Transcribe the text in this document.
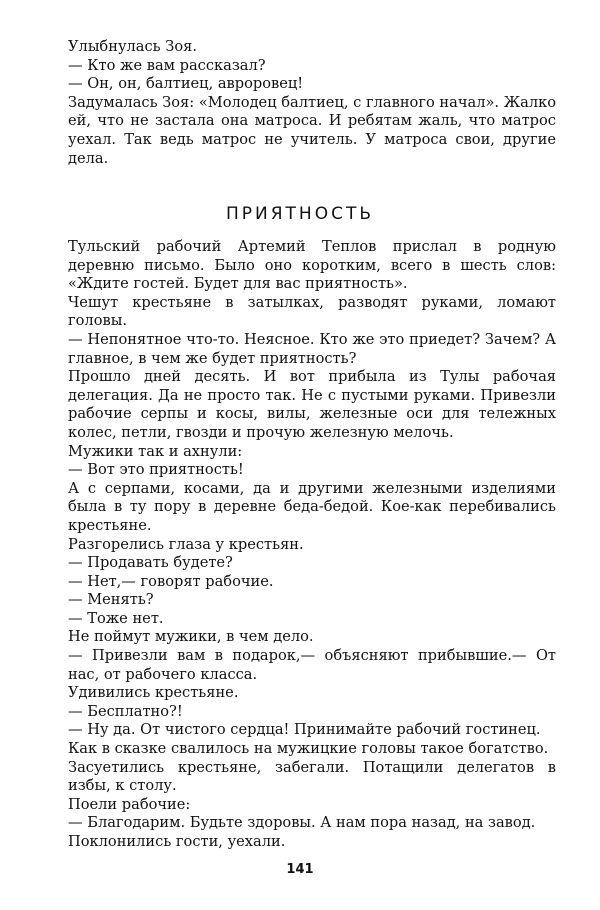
Улыбнулась Зоя.

— Кто же вам рассказал?

— Он, он, балтиец, авроровец!

Задумалась Зоя: «Молодец балтиец, с главного начал». Жалко ей, что не застала она матроса. И ребятам жаль, что матрос уехал. Так ведь матрос не учитель. У матроса свои, другие дела.

ПРИЯТНОСТЬ

Тульский рабочий Артемий Теплов прислал в родную деревню письмо. Было оно коротким, всего в шесть слов: «Ждите гостей. Будет для вас приятность».

Чешут крестьяне в затылках, разводят руками, ломают головы.

— Непонятное что-то. Неясное. Кто же это приедет? Зачем? А главное, в чем же будет приятность?

Прошло дней десять. И вот прибыла из Тулы рабочая делегация. Да не просто так. Не с пустыми руками. Привезли рабочие серпы и косы, вилы, железные оси для тележных колес, петли, гвозди и прочую железную мелочь.

Мужики так и ахнули:

— Вот это приятность!

А с серпами, косами, да и другими железными изделиями была в ту пору в деревне беда-бедой. Кое-как перебивались крестьяне.

Разгорелись глаза у крестьян.

— Продавать будете?

— Нет,— говорят рабочие.

— Менять?

— Тоже нет.

Не поймут мужики, в чем дело.

— Привезли вам в подарок,— объясняют прибывшие.— От нас, от рабочего класса.

Удивились крестьяне.

— Бесплатно?!

— Ну да. От чистого сердца! Принимайте рабочий гостинец.

Как в сказке свалилось на мужицкие головы такое богатство.

Засуетились крестьяне, забегали. Потащили делегатов в избы, к столу.

Поели рабочие:

— Благодарим. Будьте здоровы. А нам пора назад, на завод.

Поклонились гости, уехали.

141
